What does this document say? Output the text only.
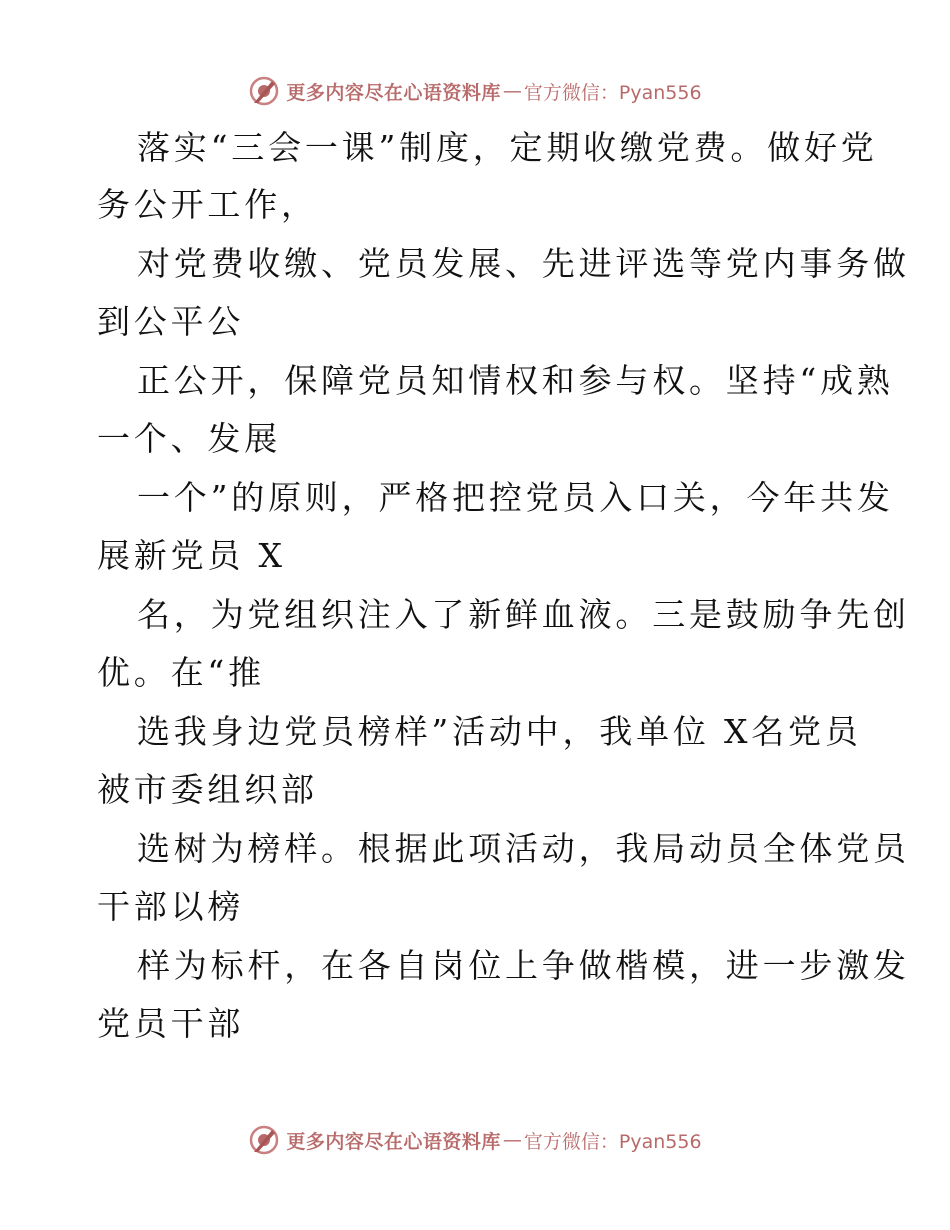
更多内容尽在心语资料库 — 官方微信：Pyan556
落实“三会一课”制度，定期收缴党费。做好党
务公开工作，
对党费收缴、党员发展、先进评选等党内事务做
到公平公
正公开，保障党员知情权和参与权。坚持“成熟
一个、发展
一个”的原则，严格把控党员入口关，今年共发
展新党员 X
名，为党组织注入了新鲜血液。三是鼓励争先创
优。在“推
选我身边党员榜样”活动中，我单位 X名党员
被市委组织部
选树为榜样。根据此项活动，我局动员全体党员
干部以榜
样为标杆，在各自岗位上争做楷模，进一步激发
党员干部
更多内容尽在心语资料库 — 官方微信：Pyan556
